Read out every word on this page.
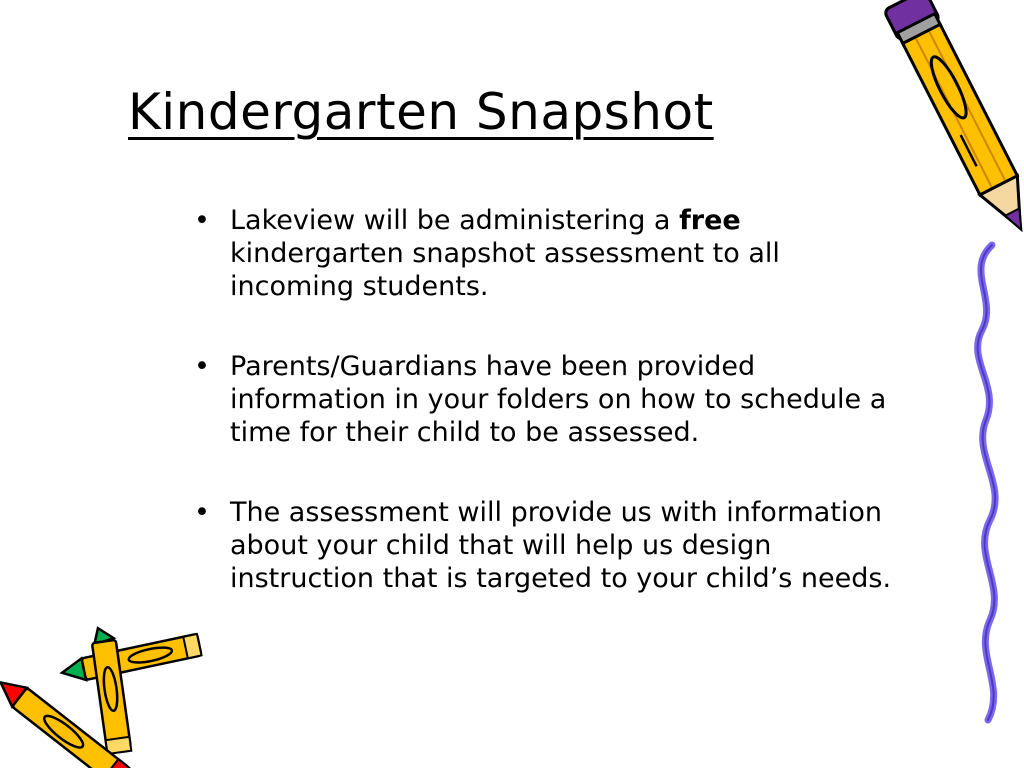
Kindergarten Snapshot
• Lakeview will be administering a free kindergarten snapshot assessment to all incoming students.
• Parents/Guardians have been provided information in your folders on how to schedule a time for their child to be assessed.
• The assessment will provide us with information about your child that will help us design instruction that is targeted to your child’s needs.
